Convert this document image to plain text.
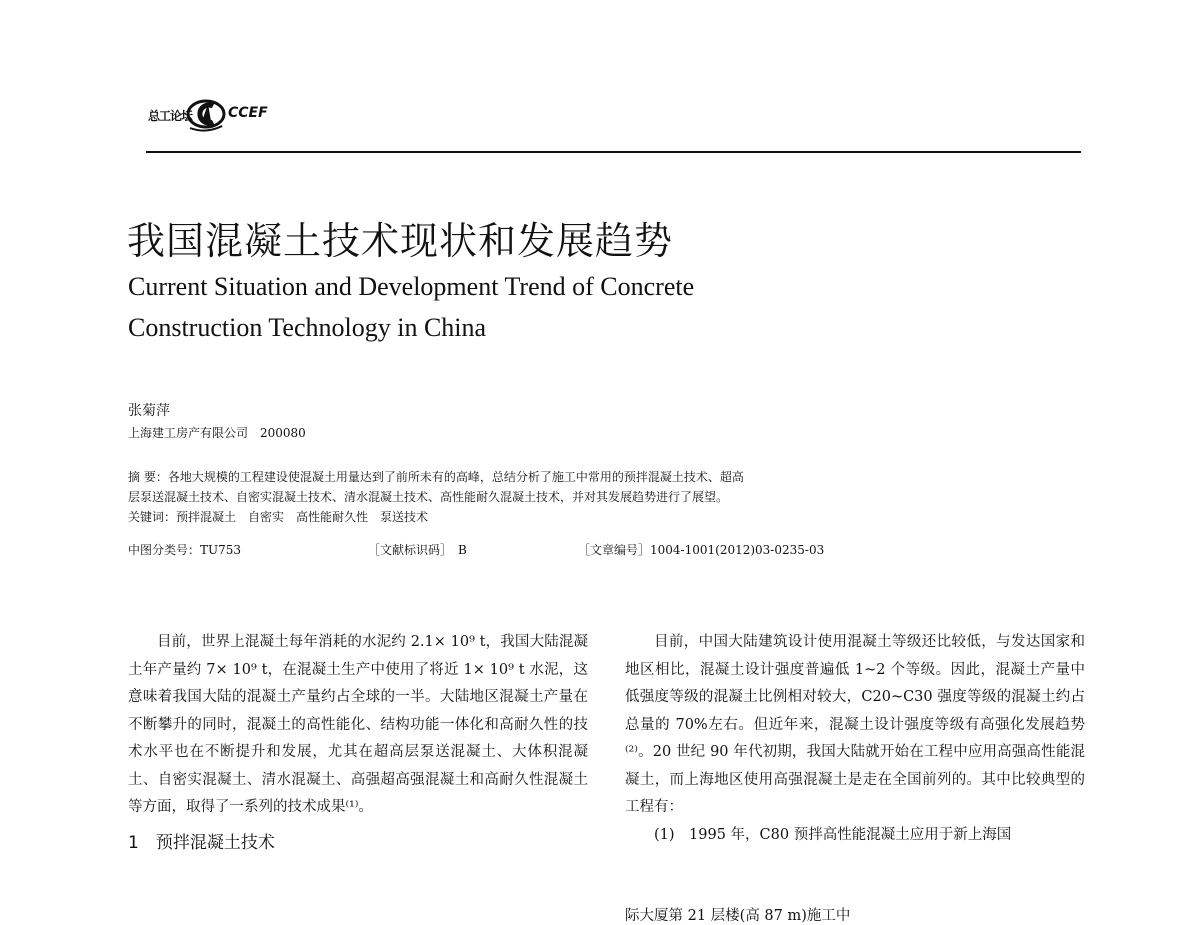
总工论坛	CCEF
我国混凝土技术现状和发展趋势
Current Situation and Development Trend of Concrete
Construction Technology in China
张菊萍
上海建工房产有限公司　200080
摘 要：各地大规模的工程建设使混凝土用量达到了前所未有的高峰，总结分析了施工中常用的预拌混凝土技术、超高
层泵送混凝土技术、自密实混凝土技术、清水混凝土技术、高性能耐久混凝土技术，并对其发展趋势进行了展望。
关键词：预拌混凝土　自密实　高性能耐久性　泵送技术
中图分类号：TU753	［文献标识码］　B	［文章编号］1004-1001(2012)03-0235-03

目前，世界上混凝土每年消耗的水泥约 2.1× 10⁹ t，我国大陆混凝土年产量约 7× 10⁹ t，在混凝土生产中使用了将近 1× 10⁹ t 水泥，这意味着我国大陆的混凝土产量约占全球的一半。大陆地区混凝土产量在不断攀升的同时，混凝土的高性能化、结构功能一体化和高耐久性的技术水平也在不断提升和发展，尤其在超高层泵送混凝土、大体积混凝土、自密实混凝土、清水混凝土、高强超高强混凝土和高耐久性混凝土等方面，取得了一系列的技术成果⁽¹⁾。

1　预拌混凝土技术

目前，中国大陆建筑设计使用混凝土等级还比较低，与发达国家和地区相比，混凝土设计强度普遍低 1~2 个等级。因此，混凝土产量中低强度等级的混凝土比例相对较大，C20~C30 强度等级的混凝土约占总量的 70%左右。但近年来，混凝土设计强度等级有高强化发展趋势⁽²⁾。20 世纪 90 年代初期，我国大陆就开始在工程中应用高强高性能混凝土，而上海地区使用高强混凝土是走在全国前列的。其中比较典型的工程有：

(1)　1995 年，C80 预拌高性能混凝土应用于新上海国

际大厦第 21 层楼(高 87 m)施工中
